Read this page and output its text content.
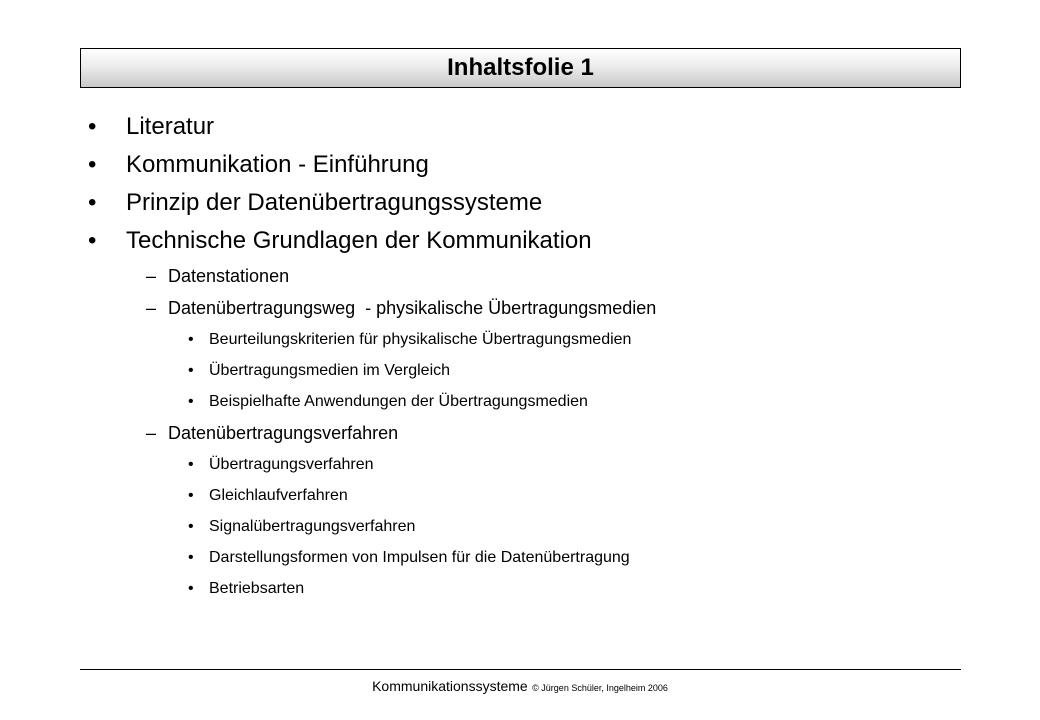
Inhaltsfolie 1
•	Literatur
•	Kommunikation - Einführung
•	Prinzip der Datenübertragungssysteme
•	Technische Grundlagen der Kommunikation
– Datenstationen
– Datenübertragungsweg  - physikalische Übertragungsmedien
• Beurteilungskriterien für physikalische Übertragungsmedien
• Übertragungsmedien im Vergleich
• Beispielhafte Anwendungen der Übertragungsmedien
– Datenübertragungsverfahren
• Übertragungsverfahren
• Gleichlaufverfahren
• Signalübertragungsverfahren
• Darstellungsformen von Impulsen für die Datenübertragung
• Betriebsarten
Kommunikationssysteme © Jürgen Schüler, Ingelheim 2006
